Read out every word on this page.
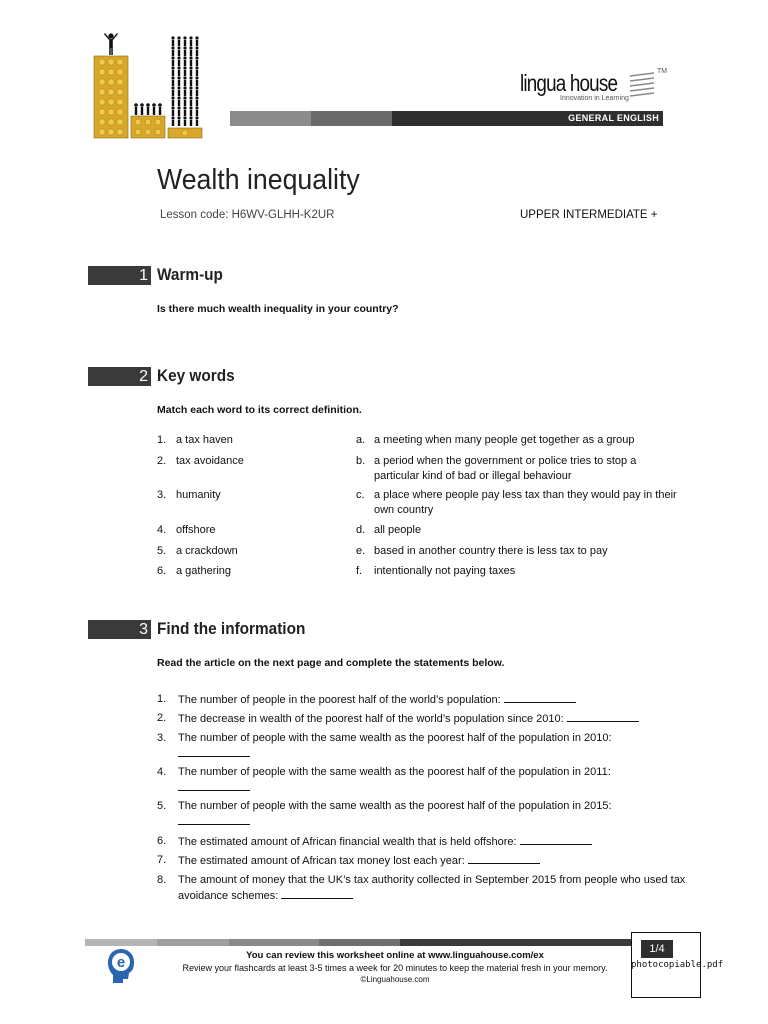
lingua house
Innovation in Learning
TM
GENERAL ENGLISH
Wealth inequality
Lesson code: H6WV-GLHH-K2UR	UPPER INTERMEDIATE +
1 Warm-up
Is there much wealth inequality in your country?
2 Key words
Match each word to its correct definition.
1. a tax haven
2. tax avoidance
3. humanity
4. offshore
5. a crackdown
6. a gathering
a. a meeting when many people get together as a group
b. a period when the government or police tries to stop a particular kind of bad or illegal behaviour
c. a place where people pay less tax than they would pay in their own country
d. all people
e. based in another country there is less tax to pay
f. intentionally not paying taxes
3 Find the information
Read the article on the next page and complete the statements below.
1. The number of people in the poorest half of the world’s population:
2. The decrease in wealth of the poorest half of the world’s population since 2010:
3. The number of people with the same wealth as the poorest half of the population in 2010:
4. The number of people with the same wealth as the poorest half of the population in 2011:
5. The number of people with the same wealth as the poorest half of the population in 2015:
6. The estimated amount of African financial wealth that is held offshore:
7. The estimated amount of African tax money lost each year:
8. The amount of money that the UK’s tax authority collected in September 2015 from people who used tax avoidance schemes:
e	You can review this worksheet online at www.linguahouse.com/ex
Review your flashcards at least 3-5 times a week for 20 minutes to keep the material fresh in your memory.
©Linguahouse.com
1/4
photocopiable.pdf
